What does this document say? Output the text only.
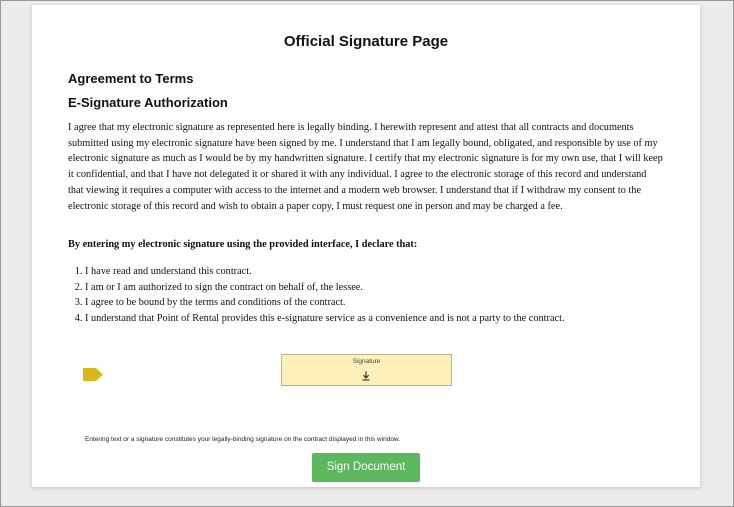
Official Signature Page
Agreement to Terms
E-Signature Authorization

I agree that my electronic signature as represented here is legally binding. I herewith represent and attest that all contracts and documents submitted using my electronic signature have been signed by me. I understand that I am legally bound, obligated, and responsible by use of my electronic signature as much as I would be by my handwritten signature. I certify that my electronic signature is for my own use, that I will keep it confidential, and that I have not delegated it or shared it with any individual. I agree to the electronic storage of this record and understand that viewing it requires a computer with access to the internet and a modern web browser. I understand that if I withdraw my consent to the electronic storage of this record and wish to obtain a paper copy, I must request one in person and may be charged a fee.

By entering my electronic signature using the provided interface, I declare that:
1. I have read and understand this contract.
2. I am or I am authorized to sign the contract on behalf of, the lessee.
3. I agree to be bound by the terms and conditions of the contract.
4. I understand that Point of Rental provides this e-signature service as a convenience and is not a party to the contract.
Signature
Entering text or a signature constitutes your legally-binding signature on the contract displayed in this window.
Sign Document
